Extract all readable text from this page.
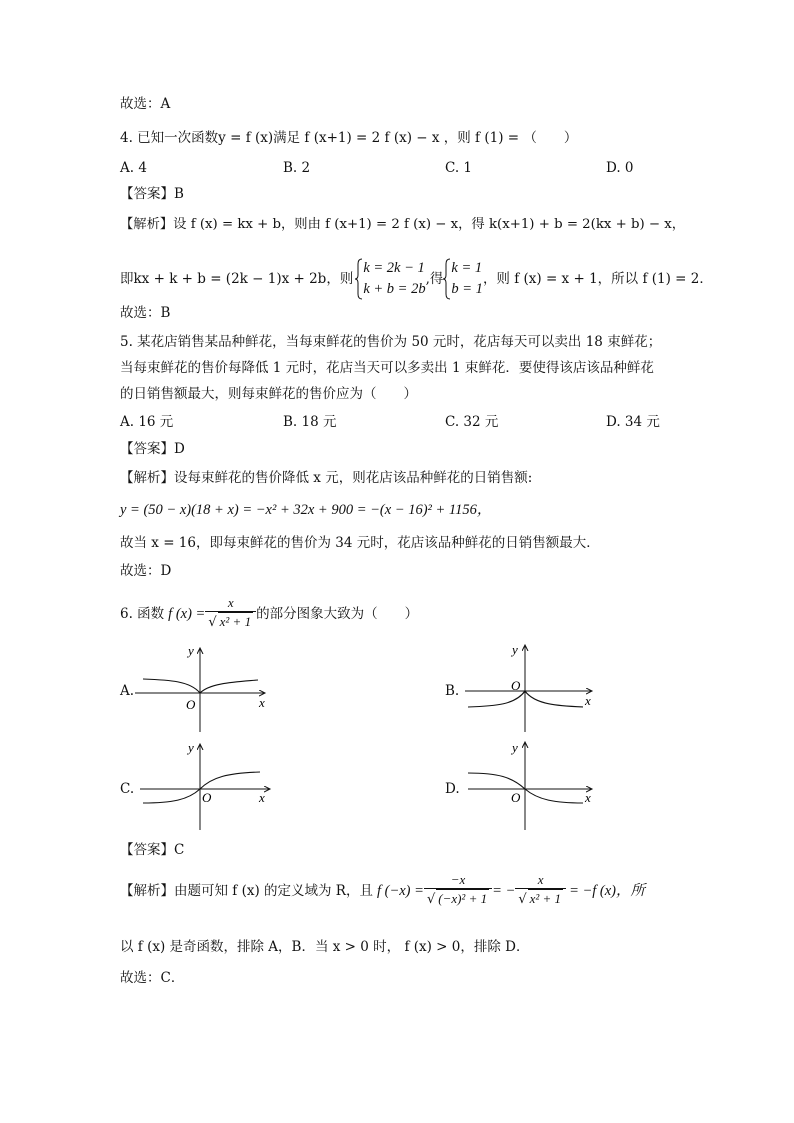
故选：A
4. 已知一次函数y = f (x)满足 f (x+1) = 2 f (x) − x ，则 f (1) = （　　）
A. 4	B. 2	C. 1	D. 0
【答案】B
【解析】设 f (x) = kx + b，则由 f (x+1) = 2 f (x) − x，得 k(x+1) + b = 2(kx + b) − x，
即kx + k + b = (2k − 1)x + 2b，则
k = 2k − 1
k + b = 2b
,得
k = 1
b = 1
，则 f (x) = x + 1，所以 f (1) = 2．
故选：B
5. 某花店销售某品种鲜花，当每束鲜花的售价为 50 元时，花店每天可以卖出 18 束鲜花；
当每束鲜花的售价每降低 1 元时，花店当天可以多卖出 1 束鲜花．要使得该店该品种鲜花
的日销售额最大，则每束鲜花的售价应为（　　）
A. 16 元	B. 18 元	C. 32 元	D. 34 元
【答案】D
【解析】设每束鲜花的售价降低 x 元，则花店该品种鲜花的日销售额:
y = (50 − x)(18 + x) = −x² + 32x + 900 = −(x − 16)² + 1156，
故当 x = 16，即每束鲜花的售价为 34 元时，花店该品种鲜花的日销售额最大．
故选：D
6. 函数 f $(x) = \frac{x}{\text{√ x² + 1}}$ 的部分图象大致为（　　）
A.	B.
C.	D.
O	x
y
O
x
y
O	x
y
O	x
y
【答案】C
【解析】由题可知 f (x) 的定义域为 R，且 f $(-x) = \frac{-x}{\text{√ (−x)² + 1}}$ = − $\frac{x}{\text{√ x² + 1}} = -f$ (x)，所
以 f (x) 是奇函数，排除 A，B．当 x > 0 时， f (x) > 0，排除 D．
故选：C．
